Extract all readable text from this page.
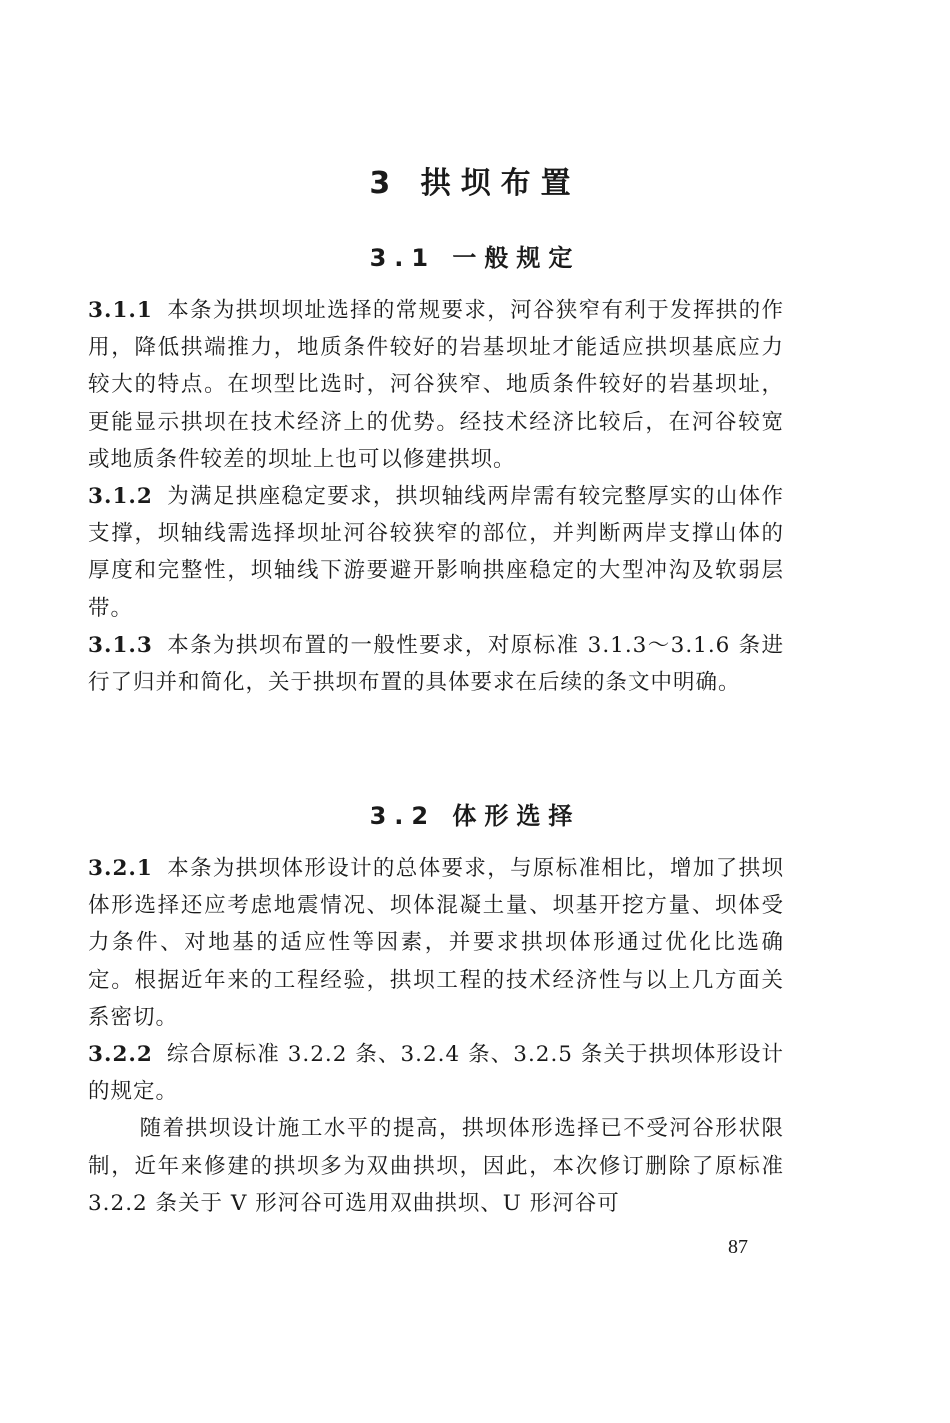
3 拱坝布置
3.1 一般规定

3.1.1 本条为拱坝坝址选择的常规要求，河谷狭窄有利于发挥拱的作用，降低拱端推力，地质条件较好的岩基坝址才能适应拱坝基底应力较大的特点。在坝型比选时，河谷狭窄、地质条件较好的岩基坝址，更能显示拱坝在技术经济上的优势。经技术经济比较后，在河谷较宽或地质条件较差的坝址上也可以修建拱坝。

3.1.2 为满足拱座稳定要求，拱坝轴线两岸需有较完整厚实的山体作支撑，坝轴线需选择坝址河谷较狭窄的部位，并判断两岸支撑山体的厚度和完整性，坝轴线下游要避开影响拱座稳定的大型冲沟及软弱层带。

3.1.3 本条为拱坝布置的一般性要求，对原标准 3.1.3～3.1.6 条进行了归并和简化，关于拱坝布置的具体要求在后续的条文中明确。

3.2 体形选择

3.2.1 本条为拱坝体形设计的总体要求，与原标准相比，增加了拱坝体形选择还应考虑地震情况、坝体混凝土量、坝基开挖方量、坝体受力条件、对地基的适应性等因素，并要求拱坝体形通过优化比选确定。根据近年来的工程经验，拱坝工程的技术经济性与以上几方面关系密切。

3.2.2 综合原标准 3.2.2 条、3.2.4 条、3.2.5 条关于拱坝体形设计的规定。

随着拱坝设计施工水平的提高，拱坝体形选择已不受河谷形状限制，近年来修建的拱坝多为双曲拱坝，因此，本次修订删除了原标准 3.2.2 条关于 V 形河谷可选用双曲拱坝、U 形河谷可

87
